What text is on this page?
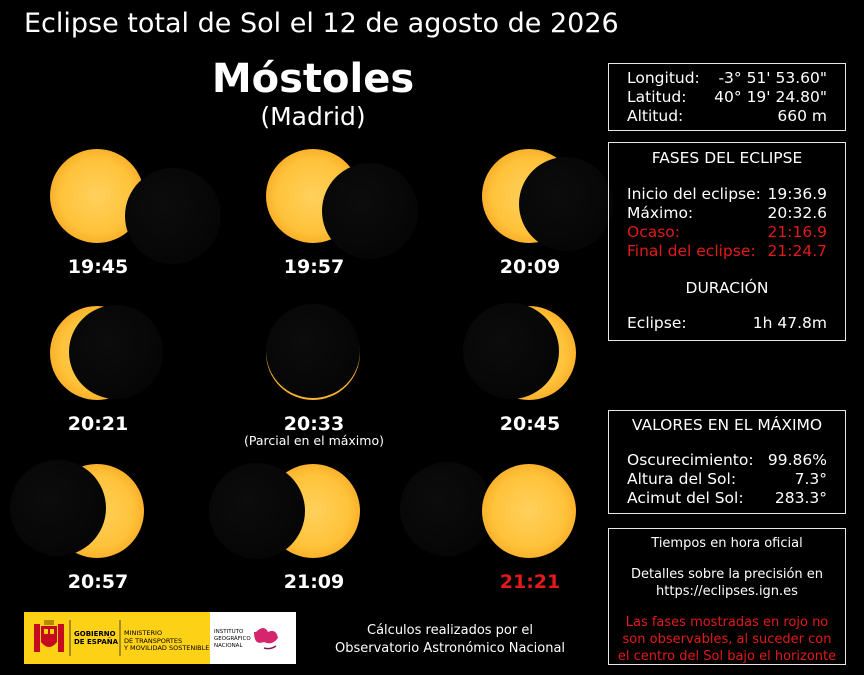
Eclipse total de Sol el 12 de agosto de 2026
Móstoles
(Madrid)
19:45	19:57	20:09
20:21	20:33
(Parcial en el máximo)
20:45
20:57	21:09	21:21
Longitud: -3° 51' 53.60"
Latitud: 40° 19' 24.80"
Altitud:	660 m
FASES DEL ECLIPSE
Inicio del eclipse: 19:36.9
Máximo:	20:32.6
Ocaso:	21:16.9
Final del eclipse: 21:24.7
DURACIÓN
Eclipse:	1h 47.8m
VALORES EN EL MÁXIMO
Oscurecimiento: 99.86%
Altura del Sol:	7.3°
Acimut del Sol: 283.3°
Tiempos en hora oficial
Detalles sobre la precisión en
https://eclipses.ign.es
Las fases mostradas en rojo no
son observables, al suceder con
el centro del Sol bajo el horizonte
GOBIERNO
DE ESPAÑA
MINISTERIO
DE TRANSPORTES
Y MOVILIDAD SOSTENIBLE
INSTITUTO
GEOGRÁFICO
NACIONAL
Cálculos realizados por el
Observatorio Astronómico Nacional
